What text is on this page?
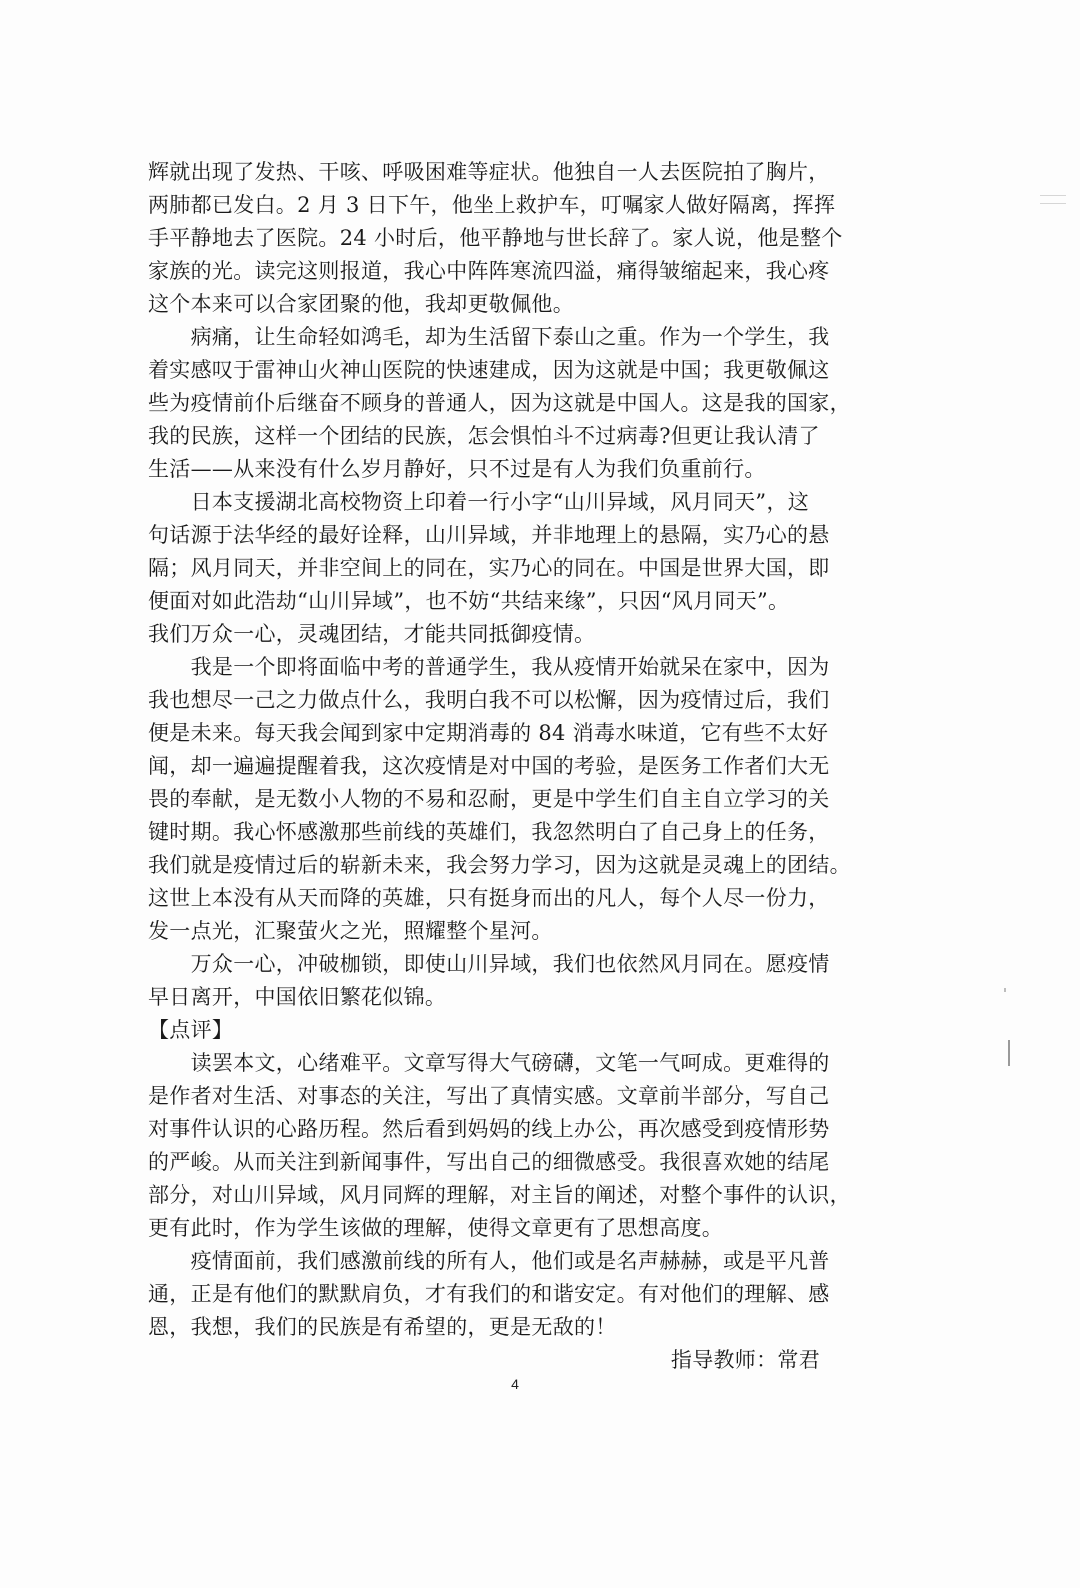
辉就出现了发热、干咳、呼吸困难等症状。他独自一人去医院拍了胸片，
两肺都已发白。2 月 3 日下午，他坐上救护车，叮嘱家人做好隔离，挥挥
手平静地去了医院。24 小时后，他平静地与世长辞了。家人说，他是整个
家族的光。读完这则报道，我心中阵阵寒流四溢，痛得皱缩起来，我心疼
这个本来可以合家团聚的他，我却更敬佩他。
　　病痛，让生命轻如鸿毛，却为生活留下泰山之重。作为一个学生，我
着实感叹于雷神山火神山医院的快速建成，因为这就是中国；我更敬佩这
些为疫情前仆后继奋不顾身的普通人，因为这就是中国人。这是我的国家，
我的民族，这样一个团结的民族，怎会惧怕斗不过病毒?但更让我认清了
生活——从来没有什么岁月静好，只不过是有人为我们负重前行。
　　日本支援湖北高校物资上印着一行小字“山川异域，风月同天”，这
句话源于法华经的最好诠释，山川异域，并非地理上的悬隔，实乃心的悬
隔；风月同天，并非空间上的同在，实乃心的同在。中国是世界大国，即
便面对如此浩劫“山川异域”，也不妨“共结来缘”，只因“风月同天”。
我们万众一心，灵魂团结，才能共同抵御疫情。
　　我是一个即将面临中考的普通学生，我从疫情开始就呆在家中，因为
我也想尽一己之力做点什么，我明白我不可以松懈，因为疫情过后，我们
便是未来。每天我会闻到家中定期消毒的 84 消毒水味道，它有些不太好
闻，却一遍遍提醒着我，这次疫情是对中国的考验，是医务工作者们大无
畏的奉献，是无数小人物的不易和忍耐，更是中学生们自主自立学习的关
键时期。我心怀感激那些前线的英雄们，我忽然明白了自己身上的任务，
我们就是疫情过后的崭新未来，我会努力学习，因为这就是灵魂上的团结。
这世上本没有从天而降的英雄，只有挺身而出的凡人，每个人尽一份力，
发一点光，汇聚萤火之光，照耀整个星河。
　　万众一心，冲破枷锁，即使山川异域，我们也依然风月同在。愿疫情
早日离开，中国依旧繁花似锦。
【点评】
　　读罢本文，心绪难平。文章写得大气磅礴，文笔一气呵成。更难得的
是作者对生活、对事态的关注，写出了真情实感。文章前半部分，写自己
对事件认识的心路历程。然后看到妈妈的线上办公，再次感受到疫情形势
的严峻。从而关注到新闻事件，写出自己的细微感受。我很喜欢她的结尾
部分，对山川异域，风月同辉的理解，对主旨的阐述，对整个事件的认识，
更有此时，作为学生该做的理解，使得文章更有了思想高度。
　　疫情面前，我们感激前线的所有人，他们或是名声赫赫，或是平凡普
通，正是有他们的默默肩负，才有我们的和谐安定。有对他们的理解、感
恩，我想，我们的民族是有希望的，更是无敌的！
指导教师：常君
4
